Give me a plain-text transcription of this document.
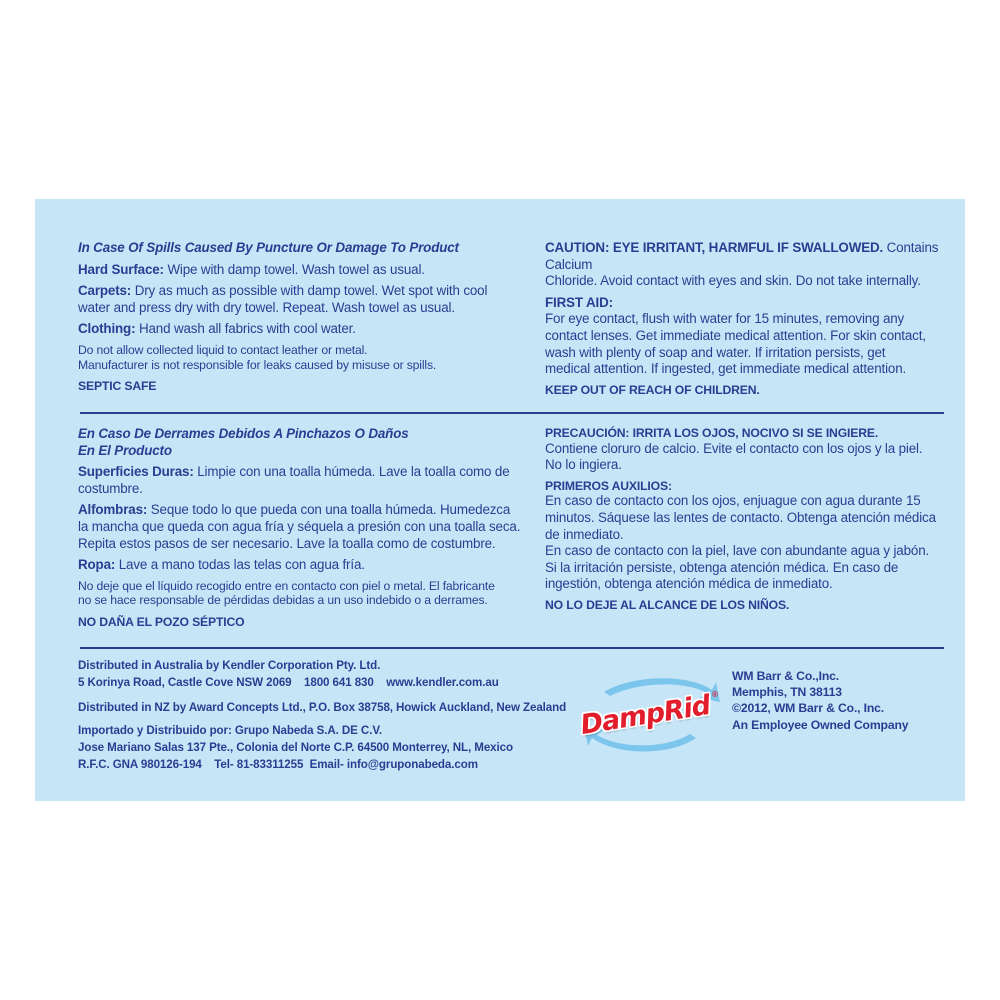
In Case Of Spills Caused By Puncture Or Damage To Product

Hard Surface: Wipe with damp towel. Wash towel as usual.

Carpets: Dry as much as possible with damp towel. Wet spot with cool

water and press dry with dry towel. Repeat. Wash towel as usual.

Clothing: Hand wash all fabrics with cool water.

Do not allow collected liquid to contact leather or metal.

Manufacturer is not responsible for leaks caused by misuse or spills.

SEPTIC SAFE

CAUTION: EYE IRRITANT, HARMFUL IF SWALLOWED. Contains Calcium

Chloride. Avoid contact with eyes and skin. Do not take internally.

FIRST AID:

For eye contact, flush with water for 15 minutes, removing any

contact lenses. Get immediate medical attention. For skin contact,

wash with plenty of soap and water. If irritation persists, get

medical attention. If ingested, get immediate medical attention.

KEEP OUT OF REACH OF CHILDREN.

En Caso De Derrames Debidos A Pinchazos O Daños

En El Producto

Superficies Duras: Limpie con una toalla húmeda. Lave la toalla como de

costumbre.

Alfombras: Seque todo lo que pueda con una toalla húmeda. Humedezca

la mancha que queda con agua fría y séquela a presión con una toalla seca.

Repita estos pasos de ser necesario. Lave la toalla como de costumbre.

Ropa: Lave a mano todas las telas con agua fría.

No deje que el líquido recogido entre en contacto con piel o metal. El fabricante

no se hace responsable de pérdidas debidas a un uso indebido o a derrames.

NO DAÑA EL POZO SÉPTICO

PRECAUCIÓN: IRRITA LOS OJOS, NOCIVO SI SE INGIERE.

Contiene cloruro de calcio. Evite el contacto con los ojos y la piel.

No lo ingiera.

PRIMEROS AUXILIOS:

En caso de contacto con los ojos, enjuague con agua durante 15

minutos. Sáquese las lentes de contacto. Obtenga atención médica

de inmediato.

En caso de contacto con la piel, lave con abundante agua y jabón.

Si la irritación persiste, obtenga atención médica. En caso de

ingestión, obtenga atención médica de inmediato.

NO LO DEJE AL ALCANCE DE LOS NIÑOS.

Distributed in Australia by Kendler Corporation Pty. Ltd.

5 Korinya Road, Castle Cove NSW 2069    1800 641 830    www.kendler.com.au

Distributed in NZ by Award Concepts Ltd., P.O. Box 38758, Howick Auckland, New Zealand

Importado y Distribuido por: Grupo Nabeda S.A. DE C.V.

Jose Mariano Salas 137 Pte., Colonia del Norte C.P. 64500 Monterrey, NL, Mexico

R.F.C. GNA 980126-194    Tel- 81-83311255  Email- info@gruponabeda.com

DampRid ®

WM Barr & Co.,Inc.

Memphis, TN 38113

©2012, WM Barr & Co., Inc.

An Employee Owned Company
